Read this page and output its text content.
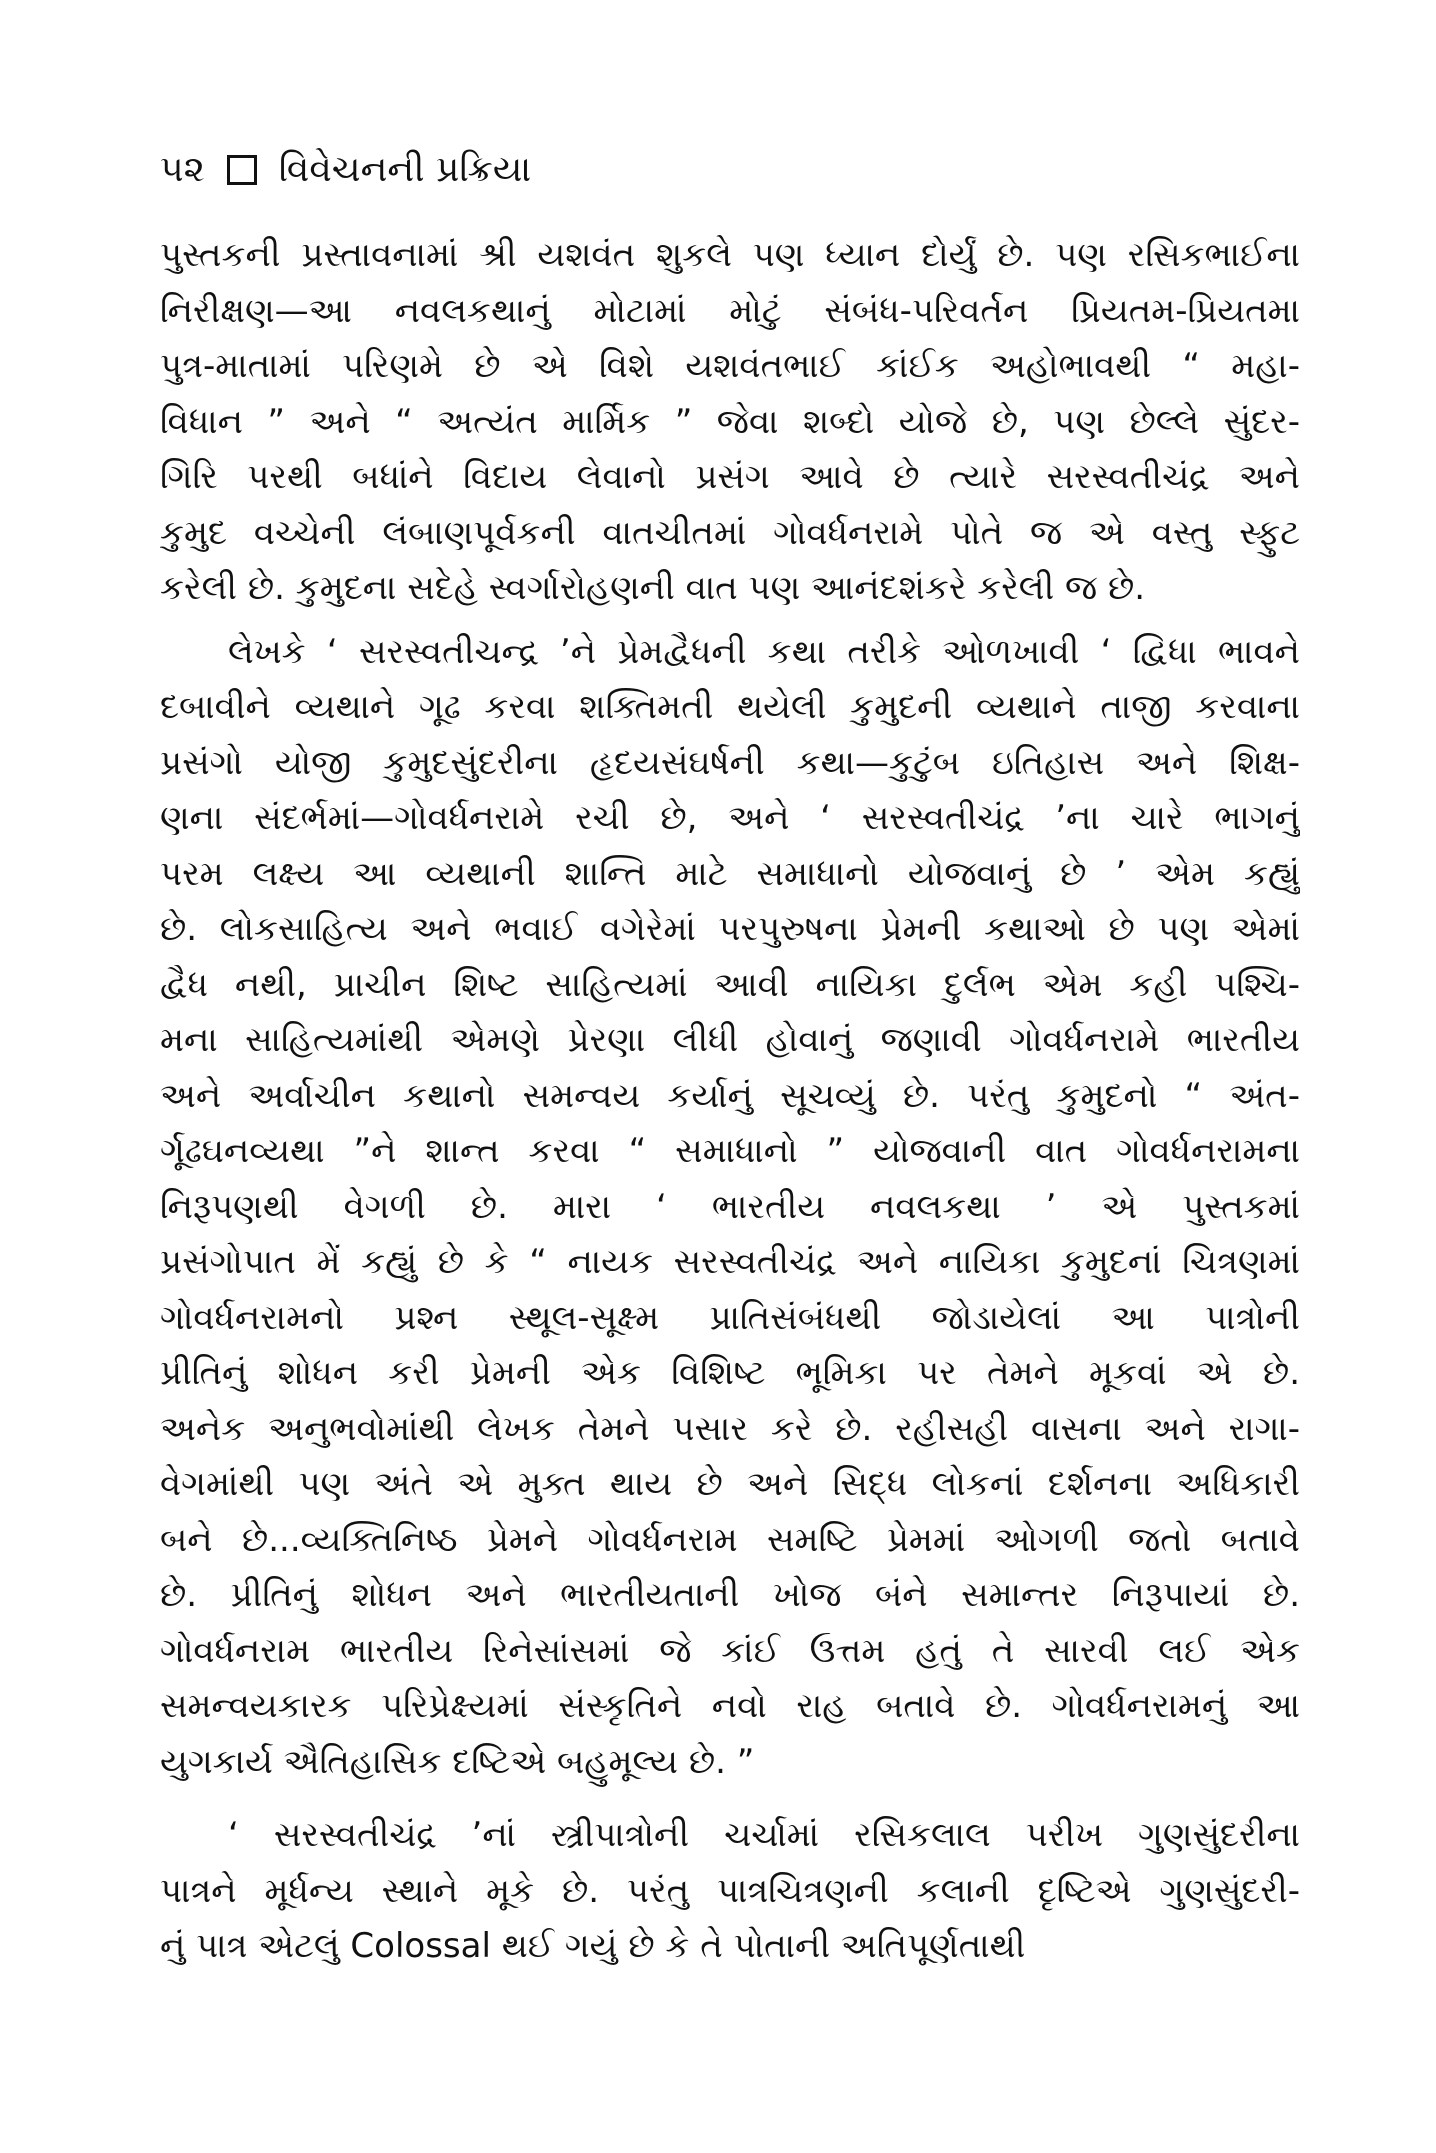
૫૨ વિવેચનની પ્રક્રિયા

પુસ્તકની પ્રસ્તાવનામાં શ્રી યશવંત શુકલે પણ ધ્યાન દોર્યું છે. પણ રસિકભાઈના
નિરીક્ષણ—આ નવલકથાનું મોટામાં મોટું સંબંધ-પરિવર્તન પ્રિયતમ-પ્રિયતમા
પુત્ર-માતામાં પરિણમે છે એ વિશે યશવંતભાઈ કાંઈક અહોભાવથી “ મહા-
વિધાન ” અને “ અત્યંત માર્મિક ” જેવા શબ્દો યોજે છે, પણ છેલ્લે સુંદર-
ગિરિ પરથી બધાંને વિદાય લેવાનો પ્રસંગ આવે છે ત્યારે સરસ્વતીચંદ્ર અને
કુમુદ વચ્ચેની લંબાણપૂર્વકની વાતચીતમાં ગોવર્ધનરામે પોતે જ એ વસ્તુ સ્ફુટ
કરેલી છે. કુમુદના સદેહે સ્વર્ગારોહણની વાત પણ આનંદશંકરે કરેલી જ છે.

લેખકે ‘ સરસ્વતીચન્દ્ર ’ને પ્રેમદ્વૈધની કથા તરીકે ઓળખાવી ‘ દ્વિધા ભાવને
દબાવીને વ્યથાને ગૂઢ કરવા શક્તિમતી થયેલી કુમુદની વ્યથાને તાજી કરવાના
પ્રસંગો યોજી કુમુદસુંદરીના હૃદયસંઘર્ષની કથા—કુટુંબ ઇતિહાસ અને શિક્ષ-
ણના સંદર્ભમાં—ગોવર્ધનરામે રચી છે, અને ‘ સરસ્વતીચંદ્ર ’ના ચારે ભાગનું
પરમ લક્ષ્ય આ વ્યથાની શાન્તિ માટે સમાધાનો યોજવાનું છે ’ એમ કહ્યું
છે. લોકસાહિત્ય અને ભવાઈ વગેરેમાં પરપુરુષના પ્રેમની કથાઓ છે પણ એમાં
દ્વૈધ નથી, પ્રાચીન શિષ્ટ સાહિત્યમાં આવી નાયિકા દુર્લભ એમ કહી પશ્ચિ-
મના સાહિત્યમાંથી એમણે પ્રેરણા લીધી હોવાનું જણાવી ગોવર્ધનરામે ભારતીય
અને અર્વાચીન કથાનો સમન્વય કર્યાનું સૂચવ્યું છે. પરંતુ કુમુદનો “ અંત-
ર્ગૂઢઘનવ્યથા ”ને શાન્ત કરવા “ સમાધાનો ” યોજવાની વાત ગોવર્ધનરામના
નિરૂપણથી વેગળી છે. મારા ‘ ભારતીય નવલકથા ’ એ પુસ્તકમાં
પ્રસંગોપાત મેં કહ્યું છે કે “ નાયક સરસ્વતીચંદ્ર અને નાયિકા કુમુદનાં ચિત્રણમાં
ગોવર્ધનરામનો પ્રશ્ન સ્થૂલ-સૂક્ષ્મ પ્રાતિસંબંધથી જોડાયેલાં આ પાત્રોની
પ્રીતિનું શોધન કરી પ્રેમની એક વિશિષ્ટ ભૂમિકા પર તેમને મૂકવાં એ છે.
અનેક અનુભવોમાંથી લેખક તેમને પસાર કરે છે. રહીસહી વાસના અને રાગા-
વેગમાંથી પણ અંતે એ મુક્ત થાય છે અને સિદ્ધ લોકનાં દર્શનના અધિકારી
બને છે...વ્યક્તિનિષ્ઠ પ્રેમને ગોવર્ધનરામ સમષ્ટિ પ્રેમમાં ઓગળી જતો બતાવે
છે. પ્રીતિનું શોધન અને ભારતીયતાની ખોજ બંને સમાન્તર નિરૂપાયાં છે.
ગોવર્ધનરામ ભારતીય રિનેસાંસમાં જે કાંઈ ઉત્તમ હતું તે સારવી લઈ એક
સમન્વયકારક પરિપ્રેક્ષ્યમાં સંસ્કૃતિને નવો રાહ બતાવે છે. ગોવર્ધનરામનું આ
યુગકાર્ય ઐતિહાસિક દષ્ટિએ બહુમૂલ્ય છે. ”

‘ સરસ્વતીચંદ્ર ’નાં સ્ત્રીપાત્રોની ચર્ચામાં રસિકલાલ પરીખ ગુણસુંદરીના
પાત્રને મૂર્ધન્ય સ્થાને મૂકે છે. પરંતુ પાત્રચિત્રણની કલાની દૃષ્ટિએ ગુણસુંદરી-
નું પાત્ર એટલું Colossal થઈ ગયું છે કે તે પોતાની અતિપૂર્ણતાથી
